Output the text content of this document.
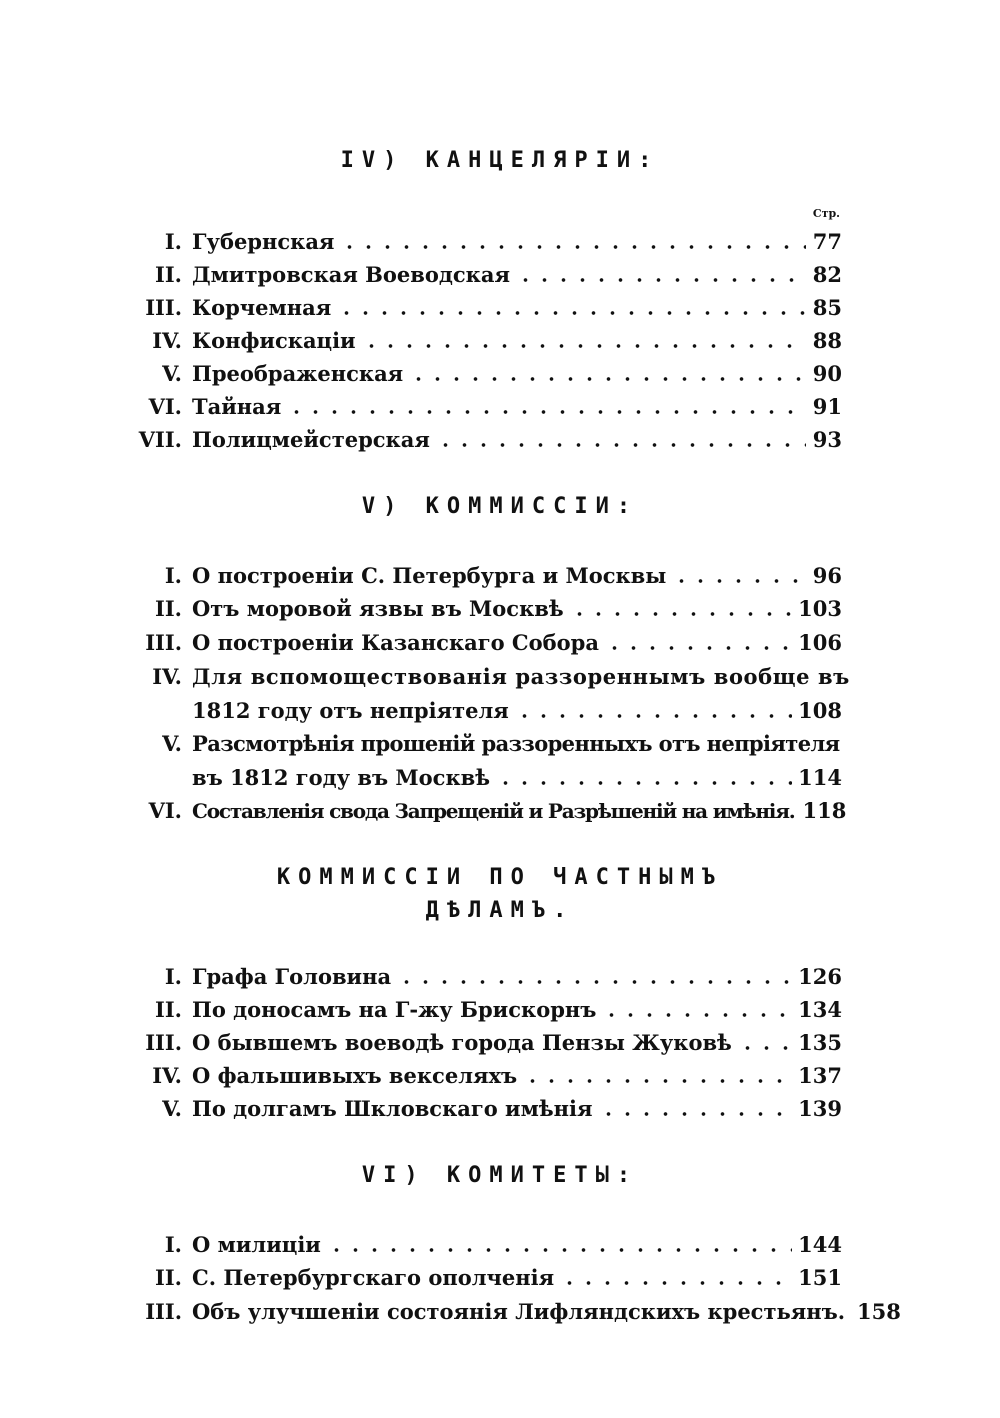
IV) КАНЦЕЛЯРІИ:
Стр.
I. Губернская	77
II. Дмитровская Воеводская	82
III. Корчемная	85
IV. Конфискаціи	88
V. Преображенская	90
VI. Тайная	91
VII. Полицмейстерская	93
V) КОММИССІИ:
I. О построеніи С. Петербурга и Москвы	96
II. Отъ моровой язвы въ Москвѣ	103
III. О построеніи Казанскаго Собора	106
IV. Для вспомоществованія раззореннымъ вообще въ
1812 году отъ непріятеля	108
V. Разсмотрѣнія прошеній раззоренныхъ отъ непріятеля
въ 1812 году въ Москвѣ	114
VI. Составленія свода Запрещеній и Разрѣшеній на имѣнія. 118
КОММИССІИ ПО ЧАСТНЫМЪ
ДѢЛАМЪ.
I. Графа Головина	126
II. По доносамъ на Г-жу Брискорнъ	134
III. О бывшемъ воеводѣ города Пензы Жуковѣ	135
IV. О фальшивыхъ векселяхъ	137
V. По долгамъ Шкловскаго имѣнія	139
VI) КОМИТЕТЫ:
I. О милиціи	144
II. С. Петербургскаго ополченія	151
III. Объ улучшеніи состоянія Лифляндскихъ крестьянъ. 158
